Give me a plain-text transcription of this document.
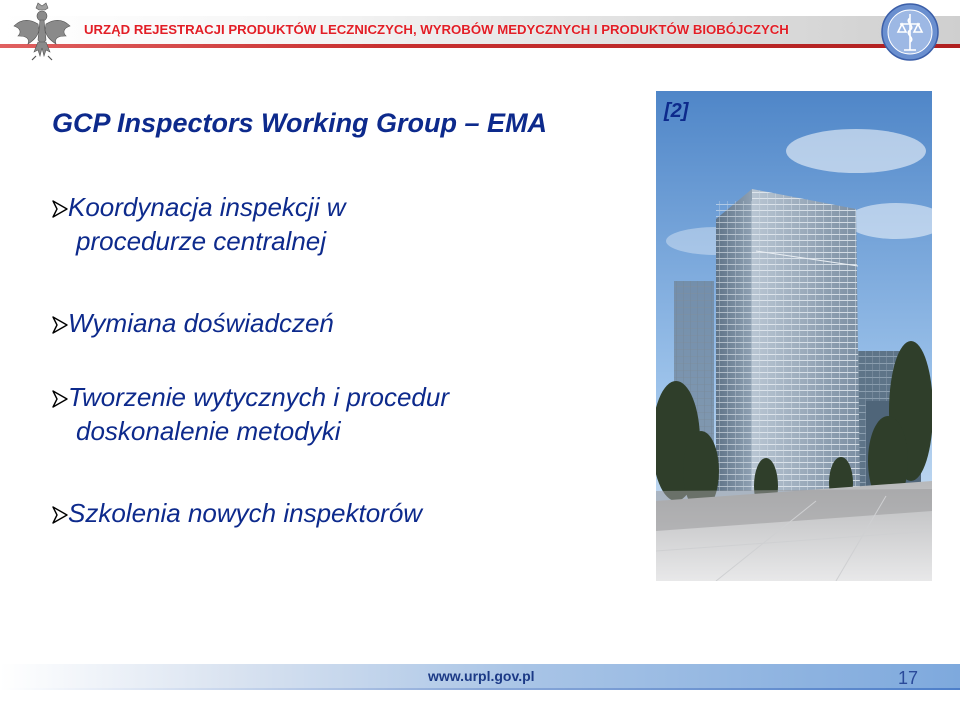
URZĄD REJESTRACJI PRODUKTÓW LECZNICZYCH, WYROBÓW MEDYCZNYCH I PRODUKTÓW BIOBÓJCZYCH
GCP Inspectors Working Group – EMA
Koordynacja inspekcji w
procedurze centralnej
Wymiana doświadczeń
Tworzenie wytycznych i procedur
doskonalenie metodyki
Szkolenia nowych inspektorów
[2]
www.urpl.gov.pl	17
